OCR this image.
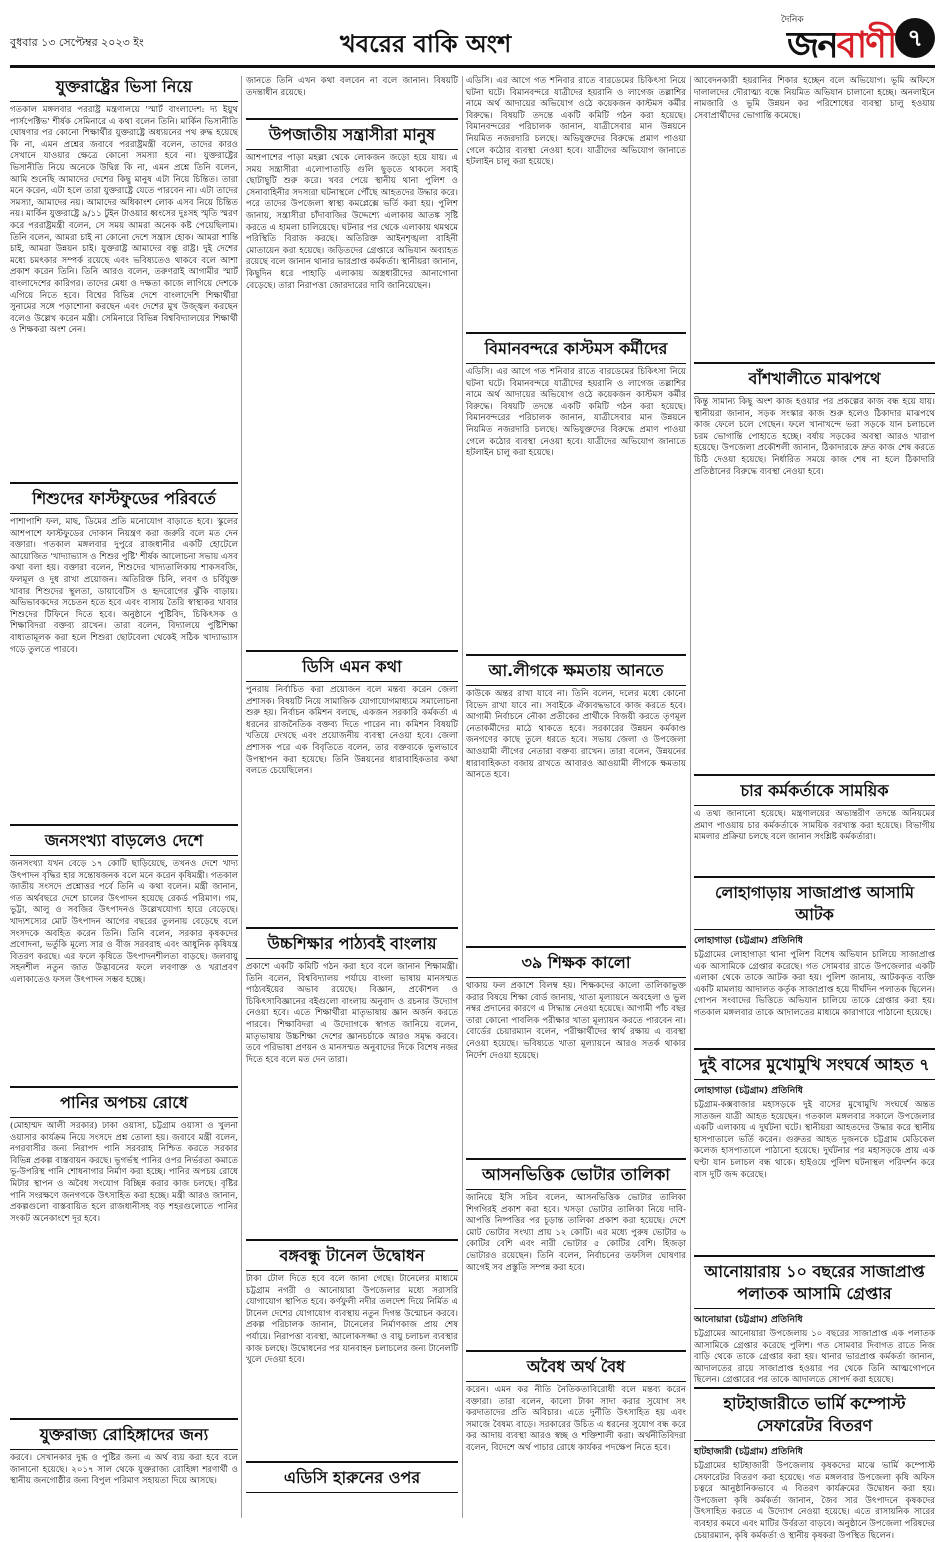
বুধবার ১৩ সেপ্টেম্বর ২০২৩ ইং	খবরের বাকি অংশ
দৈনিক
জনবাণী ৭
যুক্তরাষ্ট্রের ভিসা নিয়ে

গতকাল মঙ্গলবার পররাষ্ট্র মন্ত্রণালয়ে 'স্মার্ট বাংলাদেশ: দ্য ইয়ুথ পার্সপেক্টিভ' শীর্ষক সেমিনারে এ কথা বলেন তিনি। মার্কিন ভিসানীতি ঘোষণার পর কোনো শিক্ষার্থীর যুক্তরাষ্ট্রে অধ্যয়নের পথ রুদ্ধ হয়েছে কি না, এমন প্রশ্নের জবাবে পররাষ্ট্রমন্ত্রী বলেন, তাদের কারও সেখানে যাওয়ার ক্ষেত্রে কোনো সমস্যা হবে না। যুক্তরাষ্ট্রের ভিসানীতি নিয়ে অনেকে উদ্বিগ্ন কি না, এমন প্রশ্নে তিনি বলেন, আমি শুনেছি আমাদের দেশের কিছু মানুষ এটা নিয়ে চিন্তিত। তারা মনে করেন, এটা হলে তারা যুক্তরাষ্ট্রে যেতে পারবেন না। এটা তাদের সমস্যা, আমাদের নয়। আমাদের অধিকাংশ লোক এসব নিয়ে চিন্তিত নয়। মার্কিন যুক্তরাষ্ট্রে ৯/১১ টুইন টাওয়ার ধ্বংসের দুঃসহ স্মৃতি স্মরণ করে পররাষ্ট্রমন্ত্রী বলেন, সে সময় আমরা অনেক কষ্ট পেয়েছিলাম। তিনি বলেন, আমরা চাই না কোনো দেশে সন্ত্রাস হোক। আমরা শান্তি চাই, আমরা উন্নয়ন চাই। যুক্তরাষ্ট্র আমাদের বন্ধু রাষ্ট্র। দুই দেশের মধ্যে চমৎকার সম্পর্ক রয়েছে এবং ভবিষ্যতেও থাকবে বলে আশা প্রকাশ করেন তিনি। তিনি আরও বলেন, তরুণরাই আগামীর স্মার্ট বাংলাদেশের কারিগর। তাদের মেধা ও দক্ষতা কাজে লাগিয়ে দেশকে এগিয়ে নিতে হবে। বিশ্বের বিভিন্ন দেশে বাংলাদেশি শিক্ষার্থীরা সুনামের সঙ্গে পড়াশোনা করছেন এবং দেশের মুখ উজ্জ্বল করছেন বলেও উল্লেখ করেন মন্ত্রী। সেমিনারে বিভিন্ন বিশ্ববিদ্যালয়ের শিক্ষার্থী ও শিক্ষকরা অংশ নেন।

শিশুদের ফাস্টফুডের পরিবর্তে

পাশাপাশি ফল, মাছ, ডিমের প্রতি মনোযোগ বাড়াতে হবে। স্কুলের আশপাশে ফাস্টফুডের দোকান নিয়ন্ত্রণ করা জরুরি বলে মত দেন বক্তারা। গতকাল মঙ্গলবার দুপুরে রাজধানীর একটি হোটেলে আয়োজিত 'খাদ্যাভ্যাস ও শিশুর পুষ্টি' শীর্ষক আলোচনা সভায় এসব কথা বলা হয়। বক্তারা বলেন, শিশুদের খাদ্যতালিকায় শাকসবজি, ফলমূল ও দুধ রাখা প্রয়োজন। অতিরিক্ত চিনি, লবণ ও চর্বিযুক্ত খাবার শিশুদের স্থূলতা, ডায়াবেটিস ও হৃদরোগের ঝুঁকি বাড়ায়। অভিভাবকদের সচেতন হতে হবে এবং বাসায় তৈরি স্বাস্থ্যকর খাবার শিশুদের টিফিনে দিতে হবে। অনুষ্ঠানে পুষ্টিবিদ, চিকিৎসক ও শিক্ষাবিদরা বক্তব্য রাখেন। তারা বলেন, বিদ্যালয়ে পুষ্টিশিক্ষা বাধ্যতামূলক করা হলে শিশুরা ছোটবেলা থেকেই সঠিক খাদ্যাভ্যাস গড়ে তুলতে পারবে।

জনসংখ্যা বাড়লেও দেশে

জনসংখ্যা যখন বেড়ে ১৭ কোটি ছাড়িয়েছে, তখনও দেশে খাদ্য উৎপাদন বৃদ্ধির হার সন্তোষজনক বলে মনে করেন কৃষিমন্ত্রী। গতকাল জাতীয় সংসদে প্রশ্নোত্তর পর্বে তিনি এ কথা বলেন। মন্ত্রী জানান, গত অর্থবছরে দেশে চালের উৎপাদন হয়েছে রেকর্ড পরিমাণ। গম, ভুট্টা, আলু ও সবজির উৎপাদনও উল্লেখযোগ্য হারে বেড়েছে। খাদ্যশস্যের মোট উৎপাদন আগের বছরের তুলনায় বেড়েছে বলে সংসদকে অবহিত করেন তিনি। তিনি বলেন, সরকার কৃষকদের প্রণোদনা, ভর্তুকি মূল্যে সার ও বীজ সরবরাহ এবং আধুনিক কৃষিযন্ত্র বিতরণ করছে। এর ফলে কৃষিতে উৎপাদনশীলতা বাড়ছে। জলবায়ু সহনশীল নতুন জাত উদ্ভাবনের ফলে লবণাক্ত ও খরাপ্রবণ এলাকাতেও ফসল উৎপাদন সম্ভব হচ্ছে।

পানির অপচয় রোধে

(মোহাম্মদ আলী সরকার) ঢাকা ওয়াসা, চট্টগ্রাম ওয়াসা ও খুলনা ওয়াসার কার্যক্রম নিয়ে সংসদে প্রশ্ন তোলা হয়। জবাবে মন্ত্রী বলেন, নগরবাসীর জন্য নিরাপদ পানি সরবরাহ নিশ্চিত করতে সরকার বিভিন্ন প্রকল্প বাস্তবায়ন করছে। ভূগর্ভস্থ পানির ওপর নির্ভরতা কমাতে ভূ-উপরিস্থ পানি শোধনাগার নির্মাণ করা হচ্ছে। পানির অপচয় রোধে মিটার স্থাপন ও অবৈধ সংযোগ বিচ্ছিন্ন করার কাজ চলছে। বৃষ্টির পানি সংরক্ষণে জনগণকে উৎসাহিত করা হচ্ছে। মন্ত্রী আরও জানান, প্রকল্পগুলো বাস্তবায়িত হলে রাজধানীসহ বড় শহরগুলোতে পানির সংকট অনেকাংশে দূর হবে।

যুক্তরাজ্য রোহিঙ্গাদের জন্য

করবে। সেখানকার দুগ্ধ ও পুষ্টির জন্য এ অর্থ ব্যয় করা হবে বলে জানানো হয়েছে। ২০১৭ সাল থেকে যুক্তরাজ্য রোহিঙ্গা শরণার্থী ও স্থানীয় জনগোষ্ঠীর জন্য বিপুল পরিমাণ সহায়তা দিয়ে আসছে।

জানতে তিনি এখন কথা বলবেন না বলে জানান। বিষয়টি তদন্তাধীন রয়েছে।

উপজাতীয় সন্ত্রাসীরা মানুষ

আশপাশের পাড়া মহল্লা থেকে লোকজন জড়ো হয়ে যায়। এ সময় সন্ত্রাসীরা এলোপাতাড়ি গুলি ছুড়তে থাকলে সবাই ছোটাছুটি শুরু করে। খবর পেয়ে স্থানীয় থানা পুলিশ ও সেনাবাহিনীর সদস্যরা ঘটনাস্থলে পৌঁছে আহতদের উদ্ধার করে। পরে তাদের উপজেলা স্বাস্থ্য কমপ্লেক্সে ভর্তি করা হয়। পুলিশ জানায়, সন্ত্রাসীরা চাঁদাবাজির উদ্দেশ্যে এলাকায় আতঙ্ক সৃষ্টি করতে এ হামলা চালিয়েছে। ঘটনার পর থেকে এলাকায় থমথমে পরিস্থিতি বিরাজ করছে। অতিরিক্ত আইনশৃঙ্খলা বাহিনী মোতায়েন করা হয়েছে। জড়িতদের গ্রেপ্তারে অভিযান অব্যাহত রয়েছে বলে জানান থানার ভারপ্রাপ্ত কর্মকর্তা। স্থানীয়রা জানান, কিছুদিন ধরে পাহাড়ি এলাকায় অস্ত্রধারীদের আনাগোনা বেড়েছে। তারা নিরাপত্তা জোরদারের দাবি জানিয়েছেন।

ডিসি এমন কথা

পুনরায় নির্বাচিত করা প্রয়োজন বলে মন্তব্য করেন জেলা প্রশাসক। বিষয়টি নিয়ে সামাজিক যোগাযোগমাধ্যমে সমালোচনা শুরু হয়। নির্বাচন কমিশন বলছে, একজন সরকারি কর্মকর্তা এ ধরনের রাজনৈতিক বক্তব্য দিতে পারেন না। কমিশন বিষয়টি খতিয়ে দেখছে এবং প্রয়োজনীয় ব্যবস্থা নেওয়া হবে। জেলা প্রশাসক পরে এক বিবৃতিতে বলেন, তার বক্তব্যকে ভুলভাবে উপস্থাপন করা হয়েছে। তিনি উন্নয়নের ধারাবাহিকতার কথা বলতে চেয়েছিলেন।

উচ্চশিক্ষার পাঠ্যবই বাংলায়

প্রকাশে একটি কমিটি গঠন করা হবে বলে জানান শিক্ষামন্ত্রী। তিনি বলেন, বিশ্ববিদ্যালয় পর্যায়ে বাংলা ভাষায় মানসম্মত পাঠ্যবইয়ের অভাব রয়েছে। বিজ্ঞান, প্রকৌশল ও চিকিৎসাবিজ্ঞানের বইগুলো বাংলায় অনুবাদ ও রচনার উদ্যোগ নেওয়া হবে। এতে শিক্ষার্থীরা মাতৃভাষায় জ্ঞান অর্জন করতে পারবে। শিক্ষাবিদরা এ উদ্যোগকে স্বাগত জানিয়ে বলেন, মাতৃভাষায় উচ্চশিক্ষা দেশের জ্ঞানচর্চাকে আরও সমৃদ্ধ করবে। তবে পরিভাষা প্রণয়ন ও মানসম্মত অনুবাদের দিকে বিশেষ নজর দিতে হবে বলে মত দেন তারা।

বঙ্গবন্ধু টানেল উদ্বোধন

টাকা টোল দিতে হবে বলে জানা গেছে। টানেলের মাধ্যমে চট্টগ্রাম নগরী ও আনোয়ারা উপজেলার মধ্যে সরাসরি যোগাযোগ স্থাপিত হবে। কর্ণফুলী নদীর তলদেশ দিয়ে নির্মিত এ টানেল দেশের যোগাযোগ ব্যবস্থায় নতুন দিগন্ত উন্মোচন করবে। প্রকল্প পরিচালক জানান, টানেলের নির্মাণকাজ প্রায় শেষ পর্যায়ে। নিরাপত্তা ব্যবস্থা, আলোকসজ্জা ও বায়ু চলাচল ব্যবস্থার কাজ চলছে। উদ্বোধনের পর যানবাহন চলাচলের জন্য টানেলটি খুলে দেওয়া হবে।

এডিসি হারুনের ওপর

এডিসি। এর আগে গত শনিবার রাতে বারডেমের চিকিৎসা নিয়ে ঘটনা ঘটে। বিমানবন্দরে যাত্রীদের হয়রানি ও লাগেজ তল্লাশির নামে অর্থ আদায়ের অভিযোগ ওঠে কয়েকজন কাস্টমস কর্মীর বিরুদ্ধে। বিষয়টি তদন্তে একটি কমিটি গঠন করা হয়েছে। বিমানবন্দরের পরিচালক জানান, যাত্রীসেবার মান উন্নয়নে নিয়মিত নজরদারি চলছে। অভিযুক্তদের বিরুদ্ধে প্রমাণ পাওয়া গেলে কঠোর ব্যবস্থা নেওয়া হবে। যাত্রীদের অভিযোগ জানাতে হটলাইন চালু করা হয়েছে।

বিমানবন্দরে কাস্টমস কর্মীদের

এডিসি। এর আগে গত শনিবার রাতে বারডেমের চিকিৎসা নিয়ে ঘটনা ঘটে। বিমানবন্দরে যাত্রীদের হয়রানি ও লাগেজ তল্লাশির নামে অর্থ আদায়ের অভিযোগ ওঠে কয়েকজন কাস্টমস কর্মীর বিরুদ্ধে। বিষয়টি তদন্তে একটি কমিটি গঠন করা হয়েছে। বিমানবন্দরের পরিচালক জানান, যাত্রীসেবার মান উন্নয়নে নিয়মিত নজরদারি চলছে। অভিযুক্তদের বিরুদ্ধে প্রমাণ পাওয়া গেলে কঠোর ব্যবস্থা নেওয়া হবে। যাত্রীদের অভিযোগ জানাতে হটলাইন চালু করা হয়েছে।

আ.লীগকে ক্ষমতায় আনতে

কাউকে অন্তর রাখা যাবে না। তিনি বলেন, দলের মধ্যে কোনো বিভেদ রাখা যাবে না। সবাইকে ঐক্যবদ্ধভাবে কাজ করতে হবে। আগামী নির্বাচনে নৌকা প্রতীকের প্রার্থীকে বিজয়ী করতে তৃণমূল নেতাকর্মীদের মাঠে থাকতে হবে। সরকারের উন্নয়ন কর্মকাণ্ড জনগণের কাছে তুলে ধরতে হবে। সভায় জেলা ও উপজেলা আওয়ামী লীগের নেতারা বক্তব্য রাখেন। তারা বলেন, উন্নয়নের ধারাবাহিকতা বজায় রাখতে আবারও আওয়ামী লীগকে ক্ষমতায় আনতে হবে।

৩৯ শিক্ষক কালো

থাকায় ফল প্রকাশে বিলম্ব হয়। শিক্ষকদের কালো তালিকাভুক্ত করার বিষয়ে শিক্ষা বোর্ড জানায়, খাতা মূল্যায়নে অবহেলা ও ভুল নম্বর প্রদানের কারণে এ সিদ্ধান্ত নেওয়া হয়েছে। আগামী পাঁচ বছর তারা কোনো পাবলিক পরীক্ষার খাতা মূল্যায়ন করতে পারবেন না। বোর্ডের চেয়ারম্যান বলেন, পরীক্ষার্থীদের স্বার্থ রক্ষায় এ ব্যবস্থা নেওয়া হয়েছে। ভবিষ্যতে খাতা মূল্যায়নে আরও সতর্ক থাকার নির্দেশ দেওয়া হয়েছে।

আসনভিত্তিক ভোটার তালিকা

জানিয়ে ইসি সচিব বলেন, আসনভিত্তিক ভোটার তালিকা শিগগিরই প্রকাশ করা হবে। খসড়া ভোটার তালিকা নিয়ে দাবি-আপত্তি নিষ্পত্তির পর চূড়ান্ত তালিকা প্রকাশ করা হয়েছে। দেশে মোট ভোটার সংখ্যা প্রায় ১২ কোটি। এর মধ্যে পুরুষ ভোটার ৬ কোটির বেশি এবং নারী ভোটার ৫ কোটির বেশি। হিজড়া ভোটারও রয়েছেন। তিনি বলেন, নির্বাচনের তফসিল ঘোষণার আগেই সব প্রস্তুতি সম্পন্ন করা হবে।

অবৈধ অর্থ বৈধ

করেন। এমন কর নীতি নৈতিকতাবিরোধী বলে মন্তব্য করেন বক্তারা। তারা বলেন, কালো টাকা সাদা করার সুযোগ সৎ করদাতাদের প্রতি অবিচার। এতে দুর্নীতি উৎসাহিত হয় এবং সমাজে বৈষম্য বাড়ে। সরকারের উচিত এ ধরনের সুযোগ বন্ধ করে কর আদায় ব্যবস্থা আরও স্বচ্ছ ও শক্তিশালী করা। অর্থনীতিবিদরা বলেন, বিদেশে অর্থ পাচার রোধে কার্যকর পদক্ষেপ নিতে হবে।

আবেদনকারী হয়রানির শিকার হচ্ছেন বলে অভিযোগ। ভূমি অফিসে দালালদের দৌরাত্ম্য বন্ধে নিয়মিত অভিযান চালানো হচ্ছে। অনলাইনে নামজারি ও ভূমি উন্নয়ন কর পরিশোধের ব্যবস্থা চালু হওয়ায় সেবাপ্রার্থীদের ভোগান্তি কমেছে।

বাঁশখালীতে মাঝপথে

কিন্তু সামান্য কিছু অংশ কাজ হওয়ার পর প্রকল্পের কাজ বন্ধ হয়ে যায়। স্থানীয়রা জানান, সড়ক সংস্কার কাজ শুরু হলেও ঠিকাদার মাঝপথে কাজ ফেলে চলে গেছেন। ফলে খানাখন্দে ভরা সড়কে যান চলাচলে চরম ভোগান্তি পোহাতে হচ্ছে। বর্ষায় সড়কের অবস্থা আরও খারাপ হয়েছে। উপজেলা প্রকৌশলী জানান, ঠিকাদারকে দ্রুত কাজ শেষ করতে চিঠি দেওয়া হয়েছে। নির্ধারিত সময়ে কাজ শেষ না হলে ঠিকাদারি প্রতিষ্ঠানের বিরুদ্ধে ব্যবস্থা নেওয়া হবে।

চার কর্মকর্তাকে সাময়িক

এ তথ্য জানানো হয়েছে। মন্ত্রণালয়ের অভ্যন্তরীণ তদন্তে অনিয়মের প্রমাণ পাওয়ায় চার কর্মকর্তাকে সাময়িক বরখাস্ত করা হয়েছে। বিভাগীয় মামলার প্রক্রিয়া চলছে বলে জানান সংশ্লিষ্ট কর্মকর্তারা।

লোহাগাড়ায় সাজাপ্রাপ্ত আসামি আটক
লোহাগাড়া (চট্টগ্রাম) প্রতিনিধি

চট্টগ্রামের লোহাগাড়া থানা পুলিশ বিশেষ অভিযান চালিয়ে সাজাপ্রাপ্ত এক আসামিকে গ্রেপ্তার করেছে। গত সোমবার রাতে উপজেলার একটি এলাকা থেকে তাকে আটক করা হয়। পুলিশ জানায়, আটককৃত ব্যক্তি একটি মামলায় আদালত কর্তৃক সাজাপ্রাপ্ত হয়ে দীর্ঘদিন পলাতক ছিলেন। গোপন সংবাদের ভিত্তিতে অভিযান চালিয়ে তাকে গ্রেপ্তার করা হয়। গতকাল মঙ্গলবার তাকে আদালতের মাধ্যমে কারাগারে পাঠানো হয়েছে।

দুই বাসের মুখোমুখি সংঘর্ষে আহত ৭
লোহাগাড়া (চট্টগ্রাম) প্রতিনিধি

চট্টগ্রাম-কক্সবাজার মহাসড়কে দুই বাসের মুখোমুখি সংঘর্ষে অন্তত সাতজন যাত্রী আহত হয়েছেন। গতকাল মঙ্গলবার সকালে উপজেলার একটি এলাকায় এ দুর্ঘটনা ঘটে। স্থানীয়রা আহতদের উদ্ধার করে স্থানীয় হাসপাতালে ভর্তি করেন। গুরুতর আহত দুজনকে চট্টগ্রাম মেডিকেল কলেজ হাসপাতালে পাঠানো হয়েছে। দুর্ঘটনার পর মহাসড়কে প্রায় এক ঘণ্টা যান চলাচল বন্ধ থাকে। হাইওয়ে পুলিশ ঘটনাস্থল পরিদর্শন করে বাস দুটি জব্দ করেছে।

আনোয়ারায় ১০ বছরের সাজাপ্রাপ্ত পলাতক আসামি গ্রেপ্তার
আনোয়ারা (চট্টগ্রাম) প্রতিনিধি

চট্টগ্রামের আনোয়ারা উপজেলায় ১০ বছরের সাজাপ্রাপ্ত এক পলাতক আসামিকে গ্রেপ্তার করেছে পুলিশ। গত সোমবার দিবাগত রাতে নিজ বাড়ি থেকে তাকে গ্রেপ্তার করা হয়। থানার ভারপ্রাপ্ত কর্মকর্তা জানান, আদালতের রায়ে সাজাপ্রাপ্ত হওয়ার পর থেকে তিনি আত্মগোপনে ছিলেন। গ্রেপ্তারের পর তাকে আদালতে সোপর্দ করা হয়েছে।

হাটহাজারীতে ভার্মি কম্পোস্ট সেফারেটর বিতরণ
হাটহাজারী (চট্টগ্রাম) প্রতিনিধি

চট্টগ্রামের হাটহাজারী উপজেলায় কৃষকদের মাঝে ভার্মি কম্পোস্ট সেফারেটর বিতরণ করা হয়েছে। গত মঙ্গলবার উপজেলা কৃষি অফিস চত্বরে আনুষ্ঠানিকভাবে এ বিতরণ কার্যক্রমের উদ্বোধন করা হয়। উপজেলা কৃষি কর্মকর্তা জানান, জৈব সার উৎপাদনে কৃষকদের উৎসাহিত করতে এ উদ্যোগ নেওয়া হয়েছে। এতে রাসায়নিক সারের ব্যবহার কমবে এবং মাটির উর্বরতা বাড়বে। অনুষ্ঠানে উপজেলা পরিষদের চেয়ারম্যান, কৃষি কর্মকর্তা ও স্থানীয় কৃষকরা উপস্থিত ছিলেন।
